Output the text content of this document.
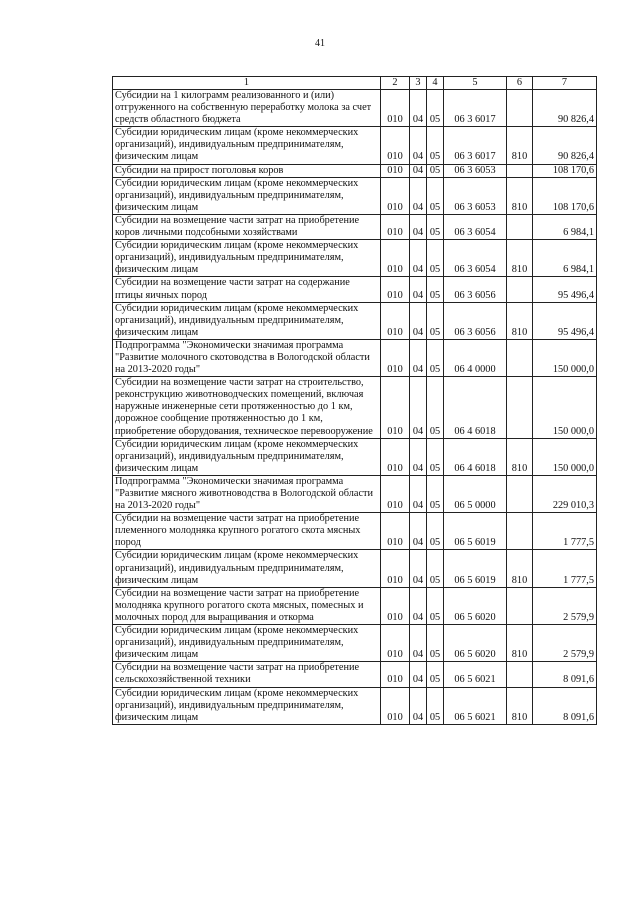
41
1	2	3	4	5	6	7
Субсидии на 1 килограмм реализованного и (или) отгруженного на собственную переработку молока за счет средств областного бюджета	010	04	05	06 3 6017		90 826,4
Субсидии юридическим лицам (кроме некоммерческих организаций), индивидуальным предпринимателям, физическим лицам	010	04	05	06 3 6017	810	90 826,4
Субсидии на прирост поголовья коров	010	04	05	06 3 6053		108 170,6
Субсидии юридическим лицам (кроме некоммерческих организаций), индивидуальным предпринимателям, физическим лицам	010	04	05	06 3 6053	810	108 170,6
Субсидии на возмещение части затрат на приобретение коров личными подсобными хозяйствами	010	04	05	06 3 6054		6 984,1
Субсидии юридическим лицам (кроме некоммерческих организаций), индивидуальным предпринимателям, физическим лицам	010	04	05	06 3 6054	810	6 984,1
Субсидии на возмещение части затрат на содержание птицы яичных пород	010	04	05	06 3 6056		95 496,4
Субсидии юридическим лицам (кроме некоммерческих организаций), индивидуальным предпринимателям, физическим лицам	010	04	05	06 3 6056	810	95 496,4
Подпрограмма "Экономически значимая программа "Развитие молочного скотоводства в Вологодской области на 2013-2020 годы"	010	04	05	06 4 0000		150 000,0
Субсидии на возмещение части затрат на строительство, реконструкцию животноводческих помещений, включая наружные инженерные сети протяженностью до 1 км, дорожное сообщение протяженностью до 1 км, приобретение оборудования, техническое перевооружение	010	04	05	06 4 6018		150 000,0
Субсидии юридическим лицам (кроме некоммерческих организаций), индивидуальным предпринимателям, физическим лицам	010	04	05	06 4 6018	810	150 000,0
Подпрограмма "Экономически значимая программа "Развитие мясного животноводства в Вологодской области на 2013-2020 годы"	010	04	05	06 5 0000		229 010,3
Субсидии на возмещение части затрат на приобретение племенного молодняка крупного рогатого скота мясных пород	010	04	05	06 5 6019		1 777,5
Субсидии юридическим лицам (кроме некоммерческих организаций), индивидуальным предпринимателям, физическим лицам	010	04	05	06 5 6019	810	1 777,5
Субсидии на возмещение части затрат на приобретение молодняка крупного рогатого скота мясных, помесных и молочных пород для выращивания и откорма	010	04	05	06 5 6020		2 579,9
Субсидии юридическим лицам (кроме некоммерческих организаций), индивидуальным предпринимателям, физическим лицам	010	04	05	06 5 6020	810	2 579,9
Субсидии на возмещение части затрат на приобретение сельскохозяйственной техники	010	04	05	06 5 6021		8 091,6
Субсидии юридическим лицам (кроме некоммерческих организаций), индивидуальным предпринимателям, физическим лицам	010	04	05	06 5 6021	810	8 091,6
